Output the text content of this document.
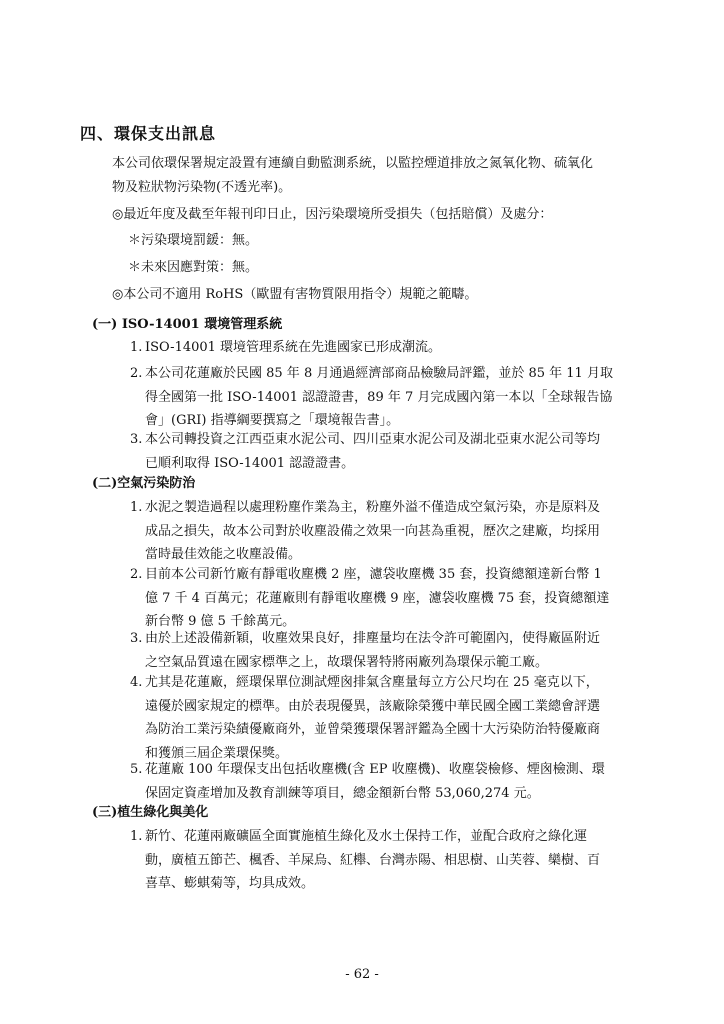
四、環保支出訊息
本公司依環保署規定設置有連續自動監測系統，以監控煙道排放之氮氧化物、硫氧化
物及粒狀物污染物(不透光率)。
◎最近年度及截至年報刊印日止，因污染環境所受損失（包括賠償）及處分：
＊污染環境罰鍰：無。
＊未來因應對策：無。
◎本公司不適用 RoHS（歐盟有害物質限用指令）規範之範疇。
(一) ISO-14001 環境管理系統
1. ISO-14001 環境管理系統在先進國家已形成潮流。
2. 本公司花蓮廠於民國 85 年 8 月通過經濟部商品檢驗局評鑑，並於 85 年 11 月取
得全國第一批 ISO-14001 認證證書，89 年 7 月完成國內第一本以「全球報告協
會」(GRI) 指導綱要撰寫之「環境報告書」。
3. 本公司轉投資之江西亞東水泥公司、四川亞東水泥公司及湖北亞東水泥公司等均
已順利取得 ISO-14001 認證證書。
(二)空氣污染防治
1. 水泥之製造過程以處理粉塵作業為主，粉塵外溢不僅造成空氣污染，亦是原料及
成品之損失，故本公司對於收塵設備之效果一向甚為重視，歷次之建廠，均採用
當時最佳效能之收塵設備。
2. 目前本公司新竹廠有靜電收塵機 2 座，濾袋收塵機 35 套，投資總額達新台幣 1
億 7 千 4 百萬元；花蓮廠則有靜電收塵機 9 座，濾袋收塵機 75 套，投資總額達
新台幣 9 億 5 千餘萬元。
3. 由於上述設備新穎，收塵效果良好，排塵量均在法令許可範圍內，使得廠區附近
之空氣品質遠在國家標準之上，故環保署特將兩廠列為環保示範工廠。
4. 尤其是花蓮廠，經環保單位測試煙囪排氣含塵量每立方公尺均在 25 毫克以下，
遠優於國家規定的標準。由於表現優異，該廠除榮獲中華民國全國工業總會評選
為防治工業污染績優廠商外，並曾榮獲環保署評鑑為全國十大污染防治特優廠商
和獲頒三屆企業環保獎。
5. 花蓮廠 100 年環保支出包括收塵機(含 EP 收塵機)、收塵袋檢修、煙囪檢測、環
保固定資產增加及教育訓練等項目，總金額新台幣 53,060,274 元。
(三)植生綠化與美化
1. 新竹、花蓮兩廠礦區全面實施植生綠化及水土保持工作，並配合政府之綠化運
動，廣植五節芒、楓香、羊屎烏、紅櫸、台灣赤陽、相思樹、山芙蓉、欒樹、百
喜草、蟛蜞菊等，均具成效。
- 62 -
